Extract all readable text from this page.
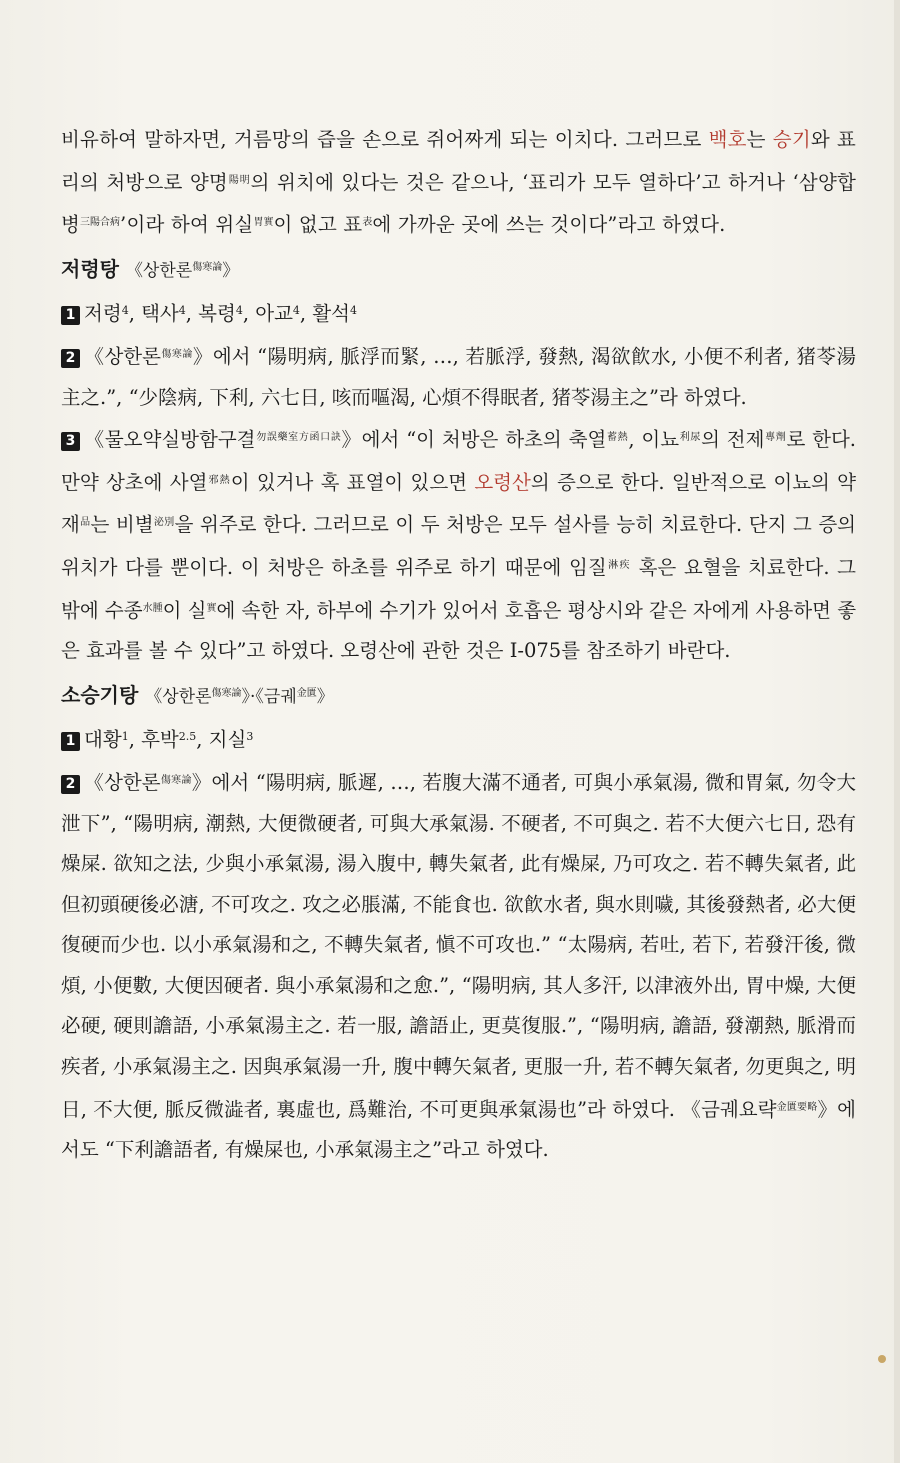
비유하여 말하자면, 거름망의 즙을 손으로 쥐어짜게 되는 이치다. 그러므로 백호는 승기와 표리의 처방으로 양명$^{陽明}$의 위치에 있다는 것은 같으나, ‘표리가 모두 열하다’고 하거나 ‘삼양합병$^{三陽合病}$’이라 하여 위실$^{胃實}$이 없고 표$^表$에 가까운 곳에 쓰는 것이다”라고 하였다.

저령탕 《상한론$^{傷寒論}$》

1 저령$^4$, 택사$^4$, 복령$^4$, 아교$^4$, 활석$^4$

2 《상한론$^{傷寒論}$》에서 “陽明病, 脈浮而緊, …, 若脈浮, 發熱, 渴欲飮水, 小便不利者, 猪苓湯主之.”, “少陰病, 下利, 六七日, 咳而嘔渴, 心煩不得眠者, 猪苓湯主之”라 하였다.

3 《물오약실방함구결$^{勿誤藥室方函口訣}$》에서 “이 처방은 하초의 축열$^{蓄熱}$, 이뇨$^{利尿}$의 전제$^{專劑}$로 한다. 만약 상초에 사열$^{邪熱}$이 있거나 혹 표열이 있으면 오령산의 증으로 한다. 일반적으로 이뇨의 약재$^品$는 비별$^{泌別}$을 위주로 한다. 그러므로 이 두 처방은 모두 설사를 능히 치료한다. 단지 그 증의 위치가 다를 뿐이다. 이 처방은 하초를 위주로 하기 때문에 임질$^{淋疾}$ 혹은 요혈을 치료한다. 그 밖에 수종$^{水腫}$이 실$^實$에 속한 자, 하부에 수기가 있어서 호흡은 평상시와 같은 자에게 사용하면 좋은 효과를 볼 수 있다”고 하였다. 오령산에 관한 것은 Ⅰ-075를 참조하기 바란다.

소승기탕 《상한론$^{傷寒論}$》·《금궤$^{金匱}$》

1 대황$^1$, 후박$^{2.5}$, 지실$^3$

2 《상한론$^{傷寒論}$》에서 “陽明病, 脈遲, …, 若腹大滿不通者, 可與小承氣湯, 微和胃氣, 勿令大泄下”, “陽明病, 潮熱, 大便微硬者, 可與大承氣湯. 不硬者, 不可與之. 若不大便六七日, 恐有燥屎. 欲知之法, 少與小承氣湯, 湯入腹中, 轉失氣者, 此有燥屎, 乃可攻之. 若不轉失氣者, 此但初頭硬後必溏, 不可攻之. 攻之必脹滿, 不能食也. 欲飮水者, 與水則噦, 其後發熱者, 必大便復硬而少也. 以小承氣湯和之, 不轉失氣者, 愼不可攻也.” “太陽病, 若吐, 若下, 若發汗後, 微煩, 小便數, 大便因硬者. 與小承氣湯和之愈.”, “陽明病, 其人多汗, 以津液外出, 胃中燥, 大便必硬, 硬則譫語, 小承氣湯主之. 若一服, 譫語止, 更莫復服.”, “陽明病, 譫語, 發潮熱, 脈滑而疾者, 小承氣湯主之. 因與承氣湯一升, 腹中轉矢氣者, 更服一升, 若不轉矢氣者, 勿更與之, 明日, 不大便, 脈反微澁者, 裏虛也, 爲難治, 不可更與承氣湯也”라 하였다. 《금궤요략$^{金匱要略}$》에서도 “下利譫語者, 有燥屎也, 小承氣湯主之”라고 하였다.
